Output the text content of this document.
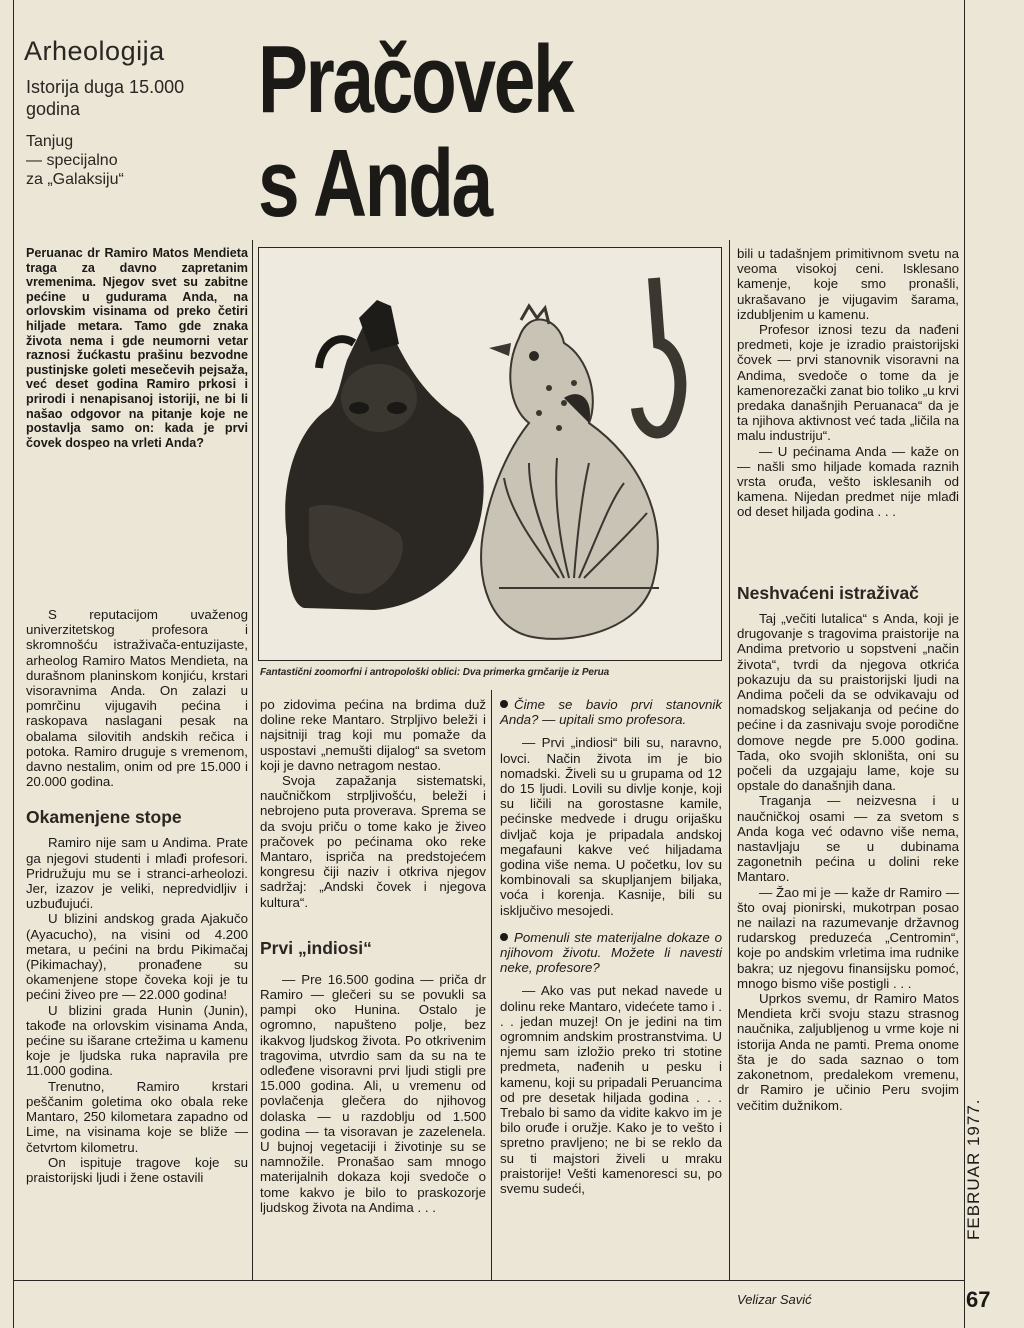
Arheologija
Istorija duga 15.000 godina
Tanjug
— specijalno
za „Galaksiju“
Pračovek
s Anda

Peruanac dr Ramiro Matos Mendieta traga za davno zapretanim vremenima. Njegov svet su zabitne pećine u gudurama Anda, na orlovskim visinama od preko četiri hiljade metara. Tamo gde znaka života nema i gde neumorni vetar raznosi žućkastu prašinu bezvodne pustinjske goleti mesečevih pejsaža, već deset godina Ramiro prkosi i prirodi i nenapisanoj istoriji, ne bi li našao odgovor na pitanje koje ne postavlja samo on: kada je prvi čovek dospeo na vrleti Anda?

S reputacijom uvaženog univerzitetskog profesora i skromnošću istraživača-entuzijaste, arheolog Ramiro Matos Mendieta, na durašnom planinskom konjiću, krstari visoravnima Anda. On zalazi u pomrčinu vijugavih pećina i raskopava naslagani pesak na obalama silovitih andskih rečica i potoka. Ramiro druguje s vremenom, davno nestalim, onim od pre 15.000 i 20.000 godina.

Okamenjene stope

Ramiro nije sam u Andima. Prate ga njegovi studenti i mlađi profesori. Pridružuju mu se i stranci-arheolozi. Jer, izazov je veliki, nepredvidljiv i uzbuđujući.

U blizini andskog grada Ajakučo (Ayacucho), na visini od 4.200 metara, u pećini na brdu Pikimačaj (Pikimachay), pronađene su okamenjene stope čoveka koji je tu pećini živeo pre — 22.000 godina!

U blizini grada Hunin (Junin), takođe na orlovskim visinama Anda, pećine su išarane crtežima u kamenu koje je ljudska ruka napravila pre 11.000 godina.

Trenutno, Ramiro krstari peščanim goletima oko obala reke Mantaro, 250 kilometara zapadno od Lime, na visinama koje se bliže — četvrtom kilometru.

On ispituje tragove koje su praistorijski ljudi i žene ostavili

Fantastični zoomorfni i antropološki oblici: Dva primerka grnčarije iz Perua

po zidovima pećina na brdima duž doline reke Mantaro. Strpljivo beleži i najsitniji trag koji mu pomaže da uspostavi „nemušti dijalog“ sa svetom koji je davno netragom nestao.

Svoja zapažanja sistematski, naučničkom strpljivošću, beleži i nebrojeno puta proverava. Sprema se da svoju priču o tome kako je živeo pračovek po pećinama oko reke Mantaro, ispriča na predstojećem kongresu čiji naziv i otkriva njegov sadržaj: „Andski čovek i njegova kultura“.

Prvi „indiosi“

— Pre 16.500 godina — priča dr Ramiro — glečeri su se povukli sa pampi oko Hunina. Ostalo je ogromno, napušteno polje, bez ikakvog ljudskog života. Po otkrivenim tragovima, utvrdio sam da su na te odleđene visoravni prvi ljudi stigli pre 15.000 godina. Ali, u vremenu od povlačenja glečera do njihovog dolaska — u razdoblju od 1.500 godina — ta visoravan je zazelenela. U bujnoj vegetaciji i životinje su se namnožile. Pronašao sam mnogo materijalnih dokaza koji svedoče o tome kakvo je bilo to praskozorje ljudskog života na Andima . . .

Čime se bavio prvi stanovnik Anda? — upitali smo profesora.

— Prvi „indiosi“ bili su, naravno, lovci. Način života im je bio nomadski. Živeli su u grupama od 12 do 15 ljudi. Lovili su divlje konje, koji su ličili na gorostasne kamile, pećinske medvede i drugu orijašku divljač koja je pripadala andskoj megafauni kakve već hiljadama godina više nema. U početku, lov su kombinovali sa skupljanjem biljaka, voća i korenja. Kasnije, bili su isključivo mesojedi.

Pomenuli ste materijalne dokaze o njihovom životu. Možete li navesti neke, profesore?

— Ako vas put nekad navede u dolinu reke Mantaro, videćete tamo i . . . jedan muzej! On je jedini na tim ogromnim andskim prostranstvima. U njemu sam izložio preko tri stotine predmeta, nađenih u pesku i kamenu, koji su pripadali Peruancima od pre desetak hiljada godina . . . Trebalo bi samo da vidite kakvo im je bilo oruđe i oružje. Kako je to vešto i spretno pravljeno; ne bi se reklo da su ti majstori živeli u mraku praistorije! Vešti kamenoresci su, po svemu sudeći,

bili u tadašnjem primitivnom svetu na veoma visokoj ceni. Isklesano kamenje, koje smo pronašli, ukrašavano je vijugavim šarama, izdubljenim u kamenu.

Profesor iznosi tezu da nađeni predmeti, koje je izradio praistorijski čovek — prvi stanovnik visoravni na Andima, svedoče o tome da je kamenorezački zanat bio toliko „u krvi predaka današnjih Peruanaca“ da je ta njihova aktivnost već tada „ličila na malu industriju“.

— U pećinama Anda — kaže on — našli smo hiljade komada raznih vrsta oruđa, vešto isklesanih od kamena. Nijedan predmet nije mlađi od deset hiljada godina . . .

Neshvaćeni istraživač

Taj „večiti lutalica“ s Anda, koji je drugovanje s tragovima praistorije na Andima pretvorio u sopstveni „način života“, tvrdi da njegova otkrića pokazuju da su praistorijski ljudi na Andima počeli da se odvikavaju od nomadskog seljakanja od pećine do pećine i da zasnivaju svoje porodične domove negde pre 5.000 godina. Tada, oko svojih skloništa, oni su počeli da uzgajaju lame, koje su opstale do današnjih dana.

Traganja — neizvesna i u naučničkoj osami — za svetom s Anda koga već odavno više nema, nastavljaju se u dubinama zagonetnih pećina u dolini reke Mantaro.

— Žao mi je — kaže dr Ramiro — što ovaj pionirski, mukotrpan posao ne nailazi na razumevanje državnog rudarskog preduzeća „Centromin“, koje po andskim vrletima ima rudnike bakra; uz njegovu finansijsku pomoć, mnogo bismo više postigli . . .

Uprkos svemu, dr Ramiro Matos Mendieta krči svoju stazu strasnog naučnika, zaljubljenog u vrme koje ni istorija Anda ne pamti. Prema onome šta je do sada saznao o tom zakonetnom, predalekom vremenu, dr Ramiro je učinio Peru svojim večitim dužnikom.

Velizar Savić
FEBRUAR 1977.
67
